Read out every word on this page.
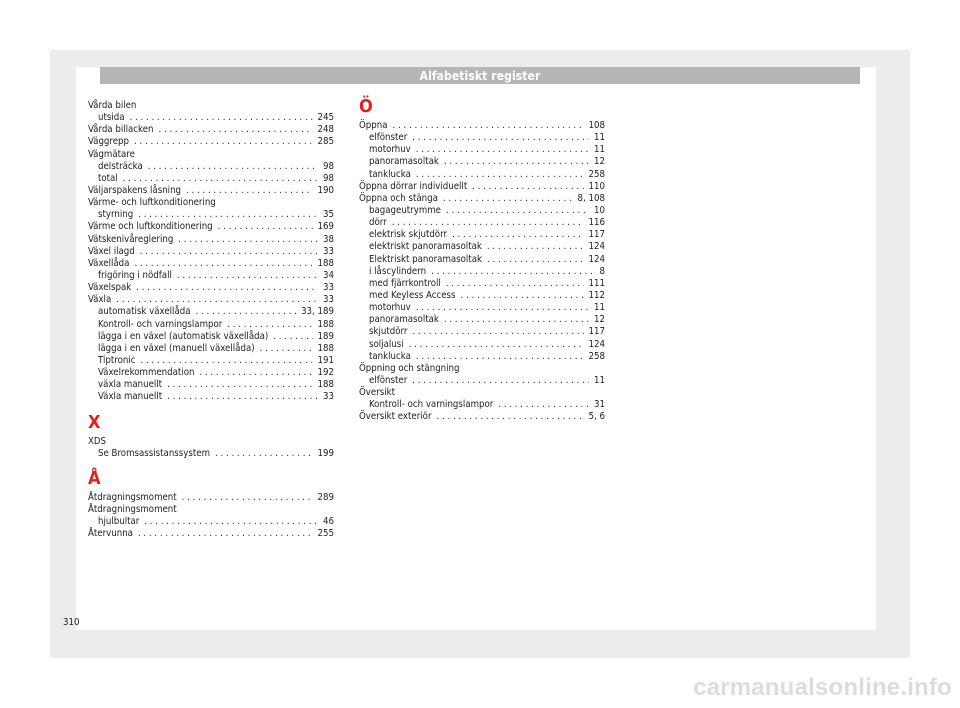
Alfabetiskt register
Vårda bilen
utsida . . .	245
Vårda billacken . . .	248
Väggrepp . . .	285
Vägmätare
delsträcka . . .	98
total . . .	98
Väljarspakens låsning . . .	190
Värme- och luftkonditionering
styrning . . .	35
Värme och luftkonditionering . . .	169
Vätskenivåreglering . . .	38
Växel ilagd . . .	33
Växellåda . . .	188
frigöring i nödfall . . .	34
Växelspak . . .	33
Växla . . .	33
automatisk växellåda . . .	33, 189
Kontroll- och varningslampor . . .	188
lägga i en växel (automatisk växellåda) . . .	189
lägga i en växel (manuell växellåda) . . .	188
Tiptronic . . .	191
Växelrekommendation . . .	192
växla manuellt . . .	188
Växla manuellt . . .	33
X
XDS
Se Bromsassistanssystem . . .	199
Å
Åtdragningsmoment . . .	289
Åtdragningsmoment
hjulbultar . . .	46
Återvunna . . .	255
Ö
Öppna . . .	108
elfönster . . .	11
motorhuv . . .	11
panoramasoltak . . .	12
tanklucka . . .	258
Öppna dörrar individuellt . . .	110
Öppna och stänga . . .	8, 108
bagageutrymme . . .	10
dörr . . .	116
elektrisk skjutdörr . . .	117
elektriskt panoramasoltak . . .	124
Elektriskt panoramasoltak . . .	124
i låscylindern . . .	8
med fjärrkontroll . . .	111
med Keyless Access . . .	112
motorhuv . . .	11
panoramasoltak . . .	12
skjutdörr . . .	117
soljalusi . . .	124
tanklucka . . .	258
Öppning och stängning
elfönster . . .	11
Översikt
Kontroll- och varningslampor . . .	31
Översikt exteriör . . .	5, 6
310
carmanualsonline.info
